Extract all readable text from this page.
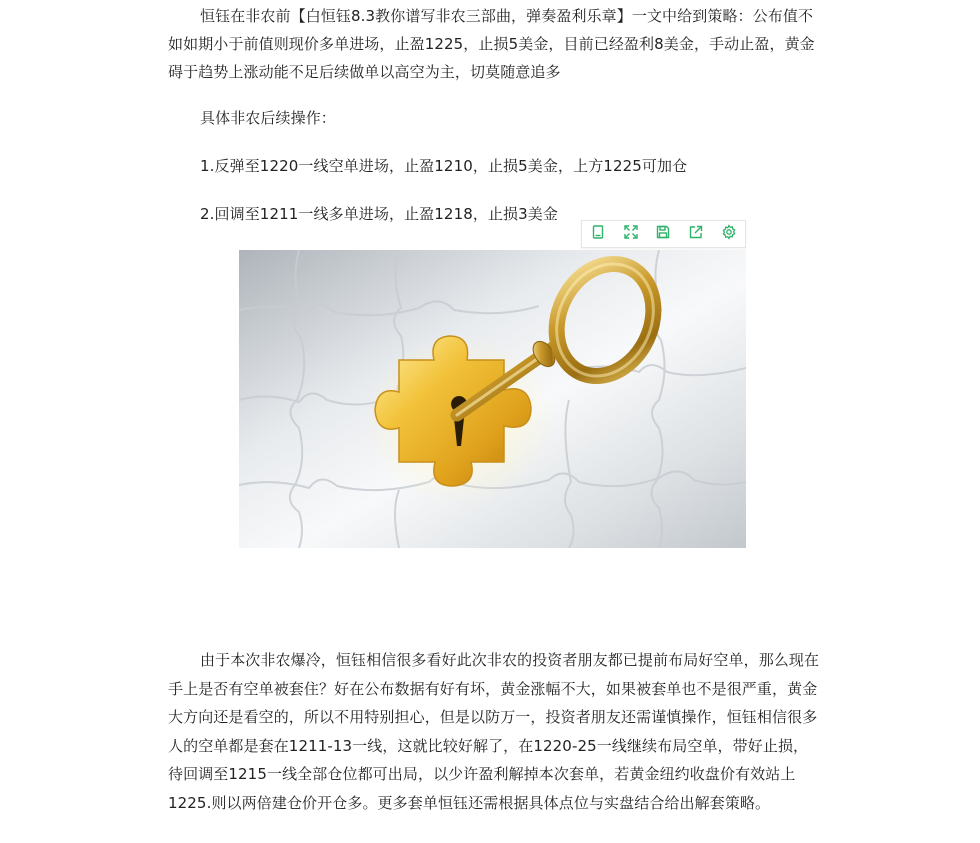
恒钰在非农前【白恒钰8.3教你谱写非农三部曲，弹奏盈利乐章】一文中给到策略：公布值不如如期小于前值则现价多单进场，止盈1225，止损5美金，目前已经盈利8美金，手动止盈，黄金碍于趋势上涨动能不足后续做单以高空为主，切莫随意追多

具体非农后续操作：

1.反弹至1220一线空单进场，止盈1210，止损5美金，上方1225可加仓

2.回调至1211一线多单进场，止盈1218，止损3美金

由于本次非农爆冷，恒钰相信很多看好此次非农的投资者朋友都已提前布局好空单，那么现在手上是否有空单被套住？好在公布数据有好有坏，黄金涨幅不大，如果被套单也不是很严重，黄金大方向还是看空的，所以不用特别担心，但是以防万一，投资者朋友还需谨慎操作，恒钰相信很多人的空单都是套在1211-13一线，这就比较好解了，在1220-25一线继续布局空单，带好止损，待回调至1215一线全部仓位都可出局，以少许盈利解掉本次套单，若黄金纽约收盘价有效站上1225.则以两倍建仓价开仓多。更多套单恒钰还需根据具体点位与实盘结合给出解套策略。
